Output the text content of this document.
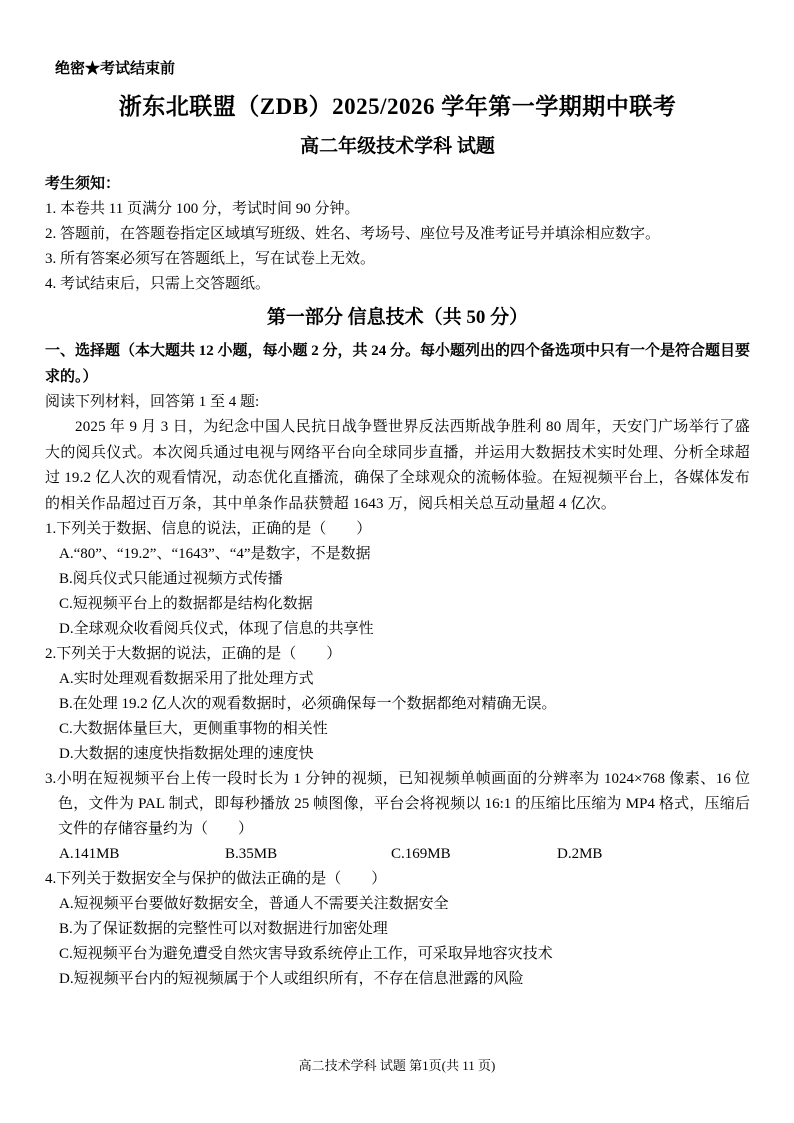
绝密★考试结束前
浙东北联盟（ZDB）2025/2026 学年第一学期期中联考
高二年级技术学科 试题
考生须知：
1. 本卷共 11 页满分 100 分，考试时间 90 分钟。
2. 答题前，在答题卷指定区域填写班级、姓名、考场号、座位号及准考证号并填涂相应数字。
3. 所有答案必须写在答题纸上，写在试卷上无效。
4. 考试结束后，只需上交答题纸。
第一部分 信息技术（共 50 分）
一、选择题（本大题共 12 小题，每小题 2 分，共 24 分。每小题列出的四个备选项中只有一个是符合题目要求的。）
阅读下列材料，回答第 1 至 4 题:
2025 年 9 月 3 日，为纪念中国人民抗日战争暨世界反法西斯战争胜利 80 周年，天安门广场举行了盛大的阅兵仪式。本次阅兵通过电视与网络平台向全球同步直播，并运用大数据技术实时处理、分析全球超过 19.2 亿人次的观看情况，动态优化直播流，确保了全球观众的流畅体验。在短视频平台上，各媒体发布的相关作品超过百万条，其中单条作品获赞超 1643 万，阅兵相关总互动量超 4 亿次。
1.下列关于数据、信息的说法，正确的是（　　）
A.“80”、“19.2”、“1643”、“4”是数字，不是数据
B.阅兵仪式只能通过视频方式传播
C.短视频平台上的数据都是结构化数据
D.全球观众收看阅兵仪式，体现了信息的共享性
2.下列关于大数据的说法，正确的是（　　）
A.实时处理观看数据采用了批处理方式
B.在处理 19.2 亿人次的观看数据时，必须确保每一个数据都绝对精确无误。
C.大数据体量巨大，更侧重事物的相关性
D.大数据的速度快指数据处理的速度快
3.小明在短视频平台上传一段时长为 1 分钟的视频，已知视频单帧画面的分辨率为 1024×768 像素、16 位色，文件为 PAL 制式，即每秒播放 25 帧图像，平台会将视频以 16:1 的压缩比压缩为 MP4 格式，压缩后文件的存储容量约为（　　）
A.141MB	B.35MB	C.169MB	D.2MB
4.下列关于数据安全与保护的做法正确的是（　　）
A.短视频平台要做好数据安全，普通人不需要关注数据安全
B.为了保证数据的完整性可以对数据进行加密处理
C.短视频平台为避免遭受自然灾害导致系统停止工作，可采取异地容灾技术
D.短视频平台内的短视频属于个人或组织所有，不存在信息泄露的风险
高二技术学科 试题 第1页(共 11 页)
